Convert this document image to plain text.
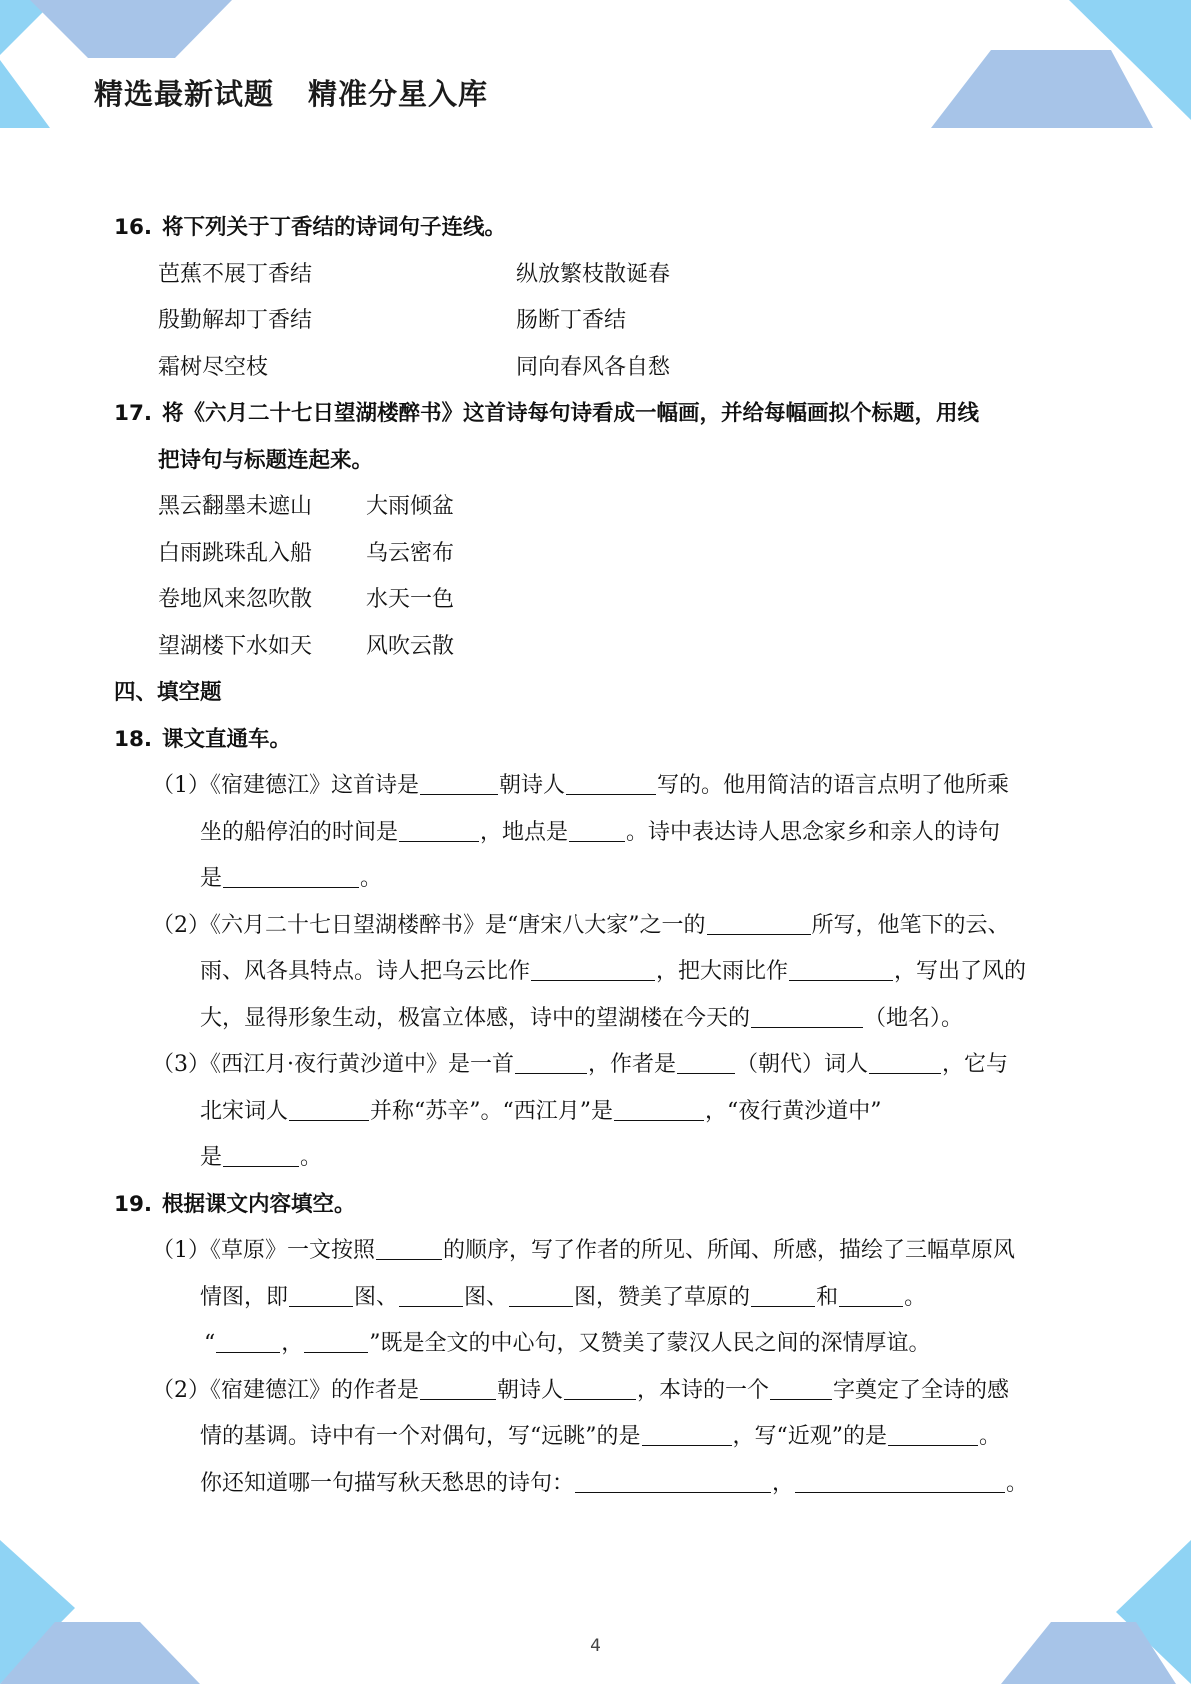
精选最新试题 精准分星入库
16. 将下列关于丁香结的诗词句子连线。
芭蕉不展丁香结	纵放繁枝散诞春
殷勤解却丁香结	肠断丁香结
霜树尽空枝	同向春风各自愁
17. 将《六月二十七日望湖楼醉书》这首诗每句诗看成一幅画，并给每幅画拟个标题，用线
把诗句与标题连起来。
黑云翻墨未遮山 大雨倾盆
白雨跳珠乱入船 乌云密布
卷地风来忽吹散 水天一色
望湖楼下水如天 风吹云散
四、填空题
18. 课文直通车。
（1）《宿建德江》这首诗是	朝诗人	写的。他用简洁的语言点明了他所乘
坐的船停泊的时间是	，地点是	。诗中表达诗人思念家乡和亲人的诗句
是	。
（2）《六月二十七日望湖楼醉书》是“唐宋八大家”之一的	所写，他笔下的云、
雨、风各具特点。诗人把乌云比作	，把大雨比作	，写出了风的
大，显得形象生动，极富立体感，诗中的望湖楼在今天的	（地名）。
（3）《西江月·夜行黄沙道中》是一首	，作者是	（朝代）词人	，它与
北宋词人	并称“苏辛”。“西江月”是	，“夜行黄沙道中”
是	。
19. 根据课文内容填空。
（1）《草原》一文按照	的顺序，写了作者的所见、所闻、所感，描绘了三幅草原风
情图，即	图、	图、	图，赞美了草原的	和	。
“	，	”既是全文的中心句，又赞美了蒙汉人民之间的深情厚谊。
（2）《宿建德江》的作者是	朝诗人	，本诗的一个	字奠定了全诗的感
情的基调。诗中有一个对偶句，写“远眺”的是	，写“近观”的是	。
你还知道哪一句描写秋天愁思的诗句：	，	。
4
